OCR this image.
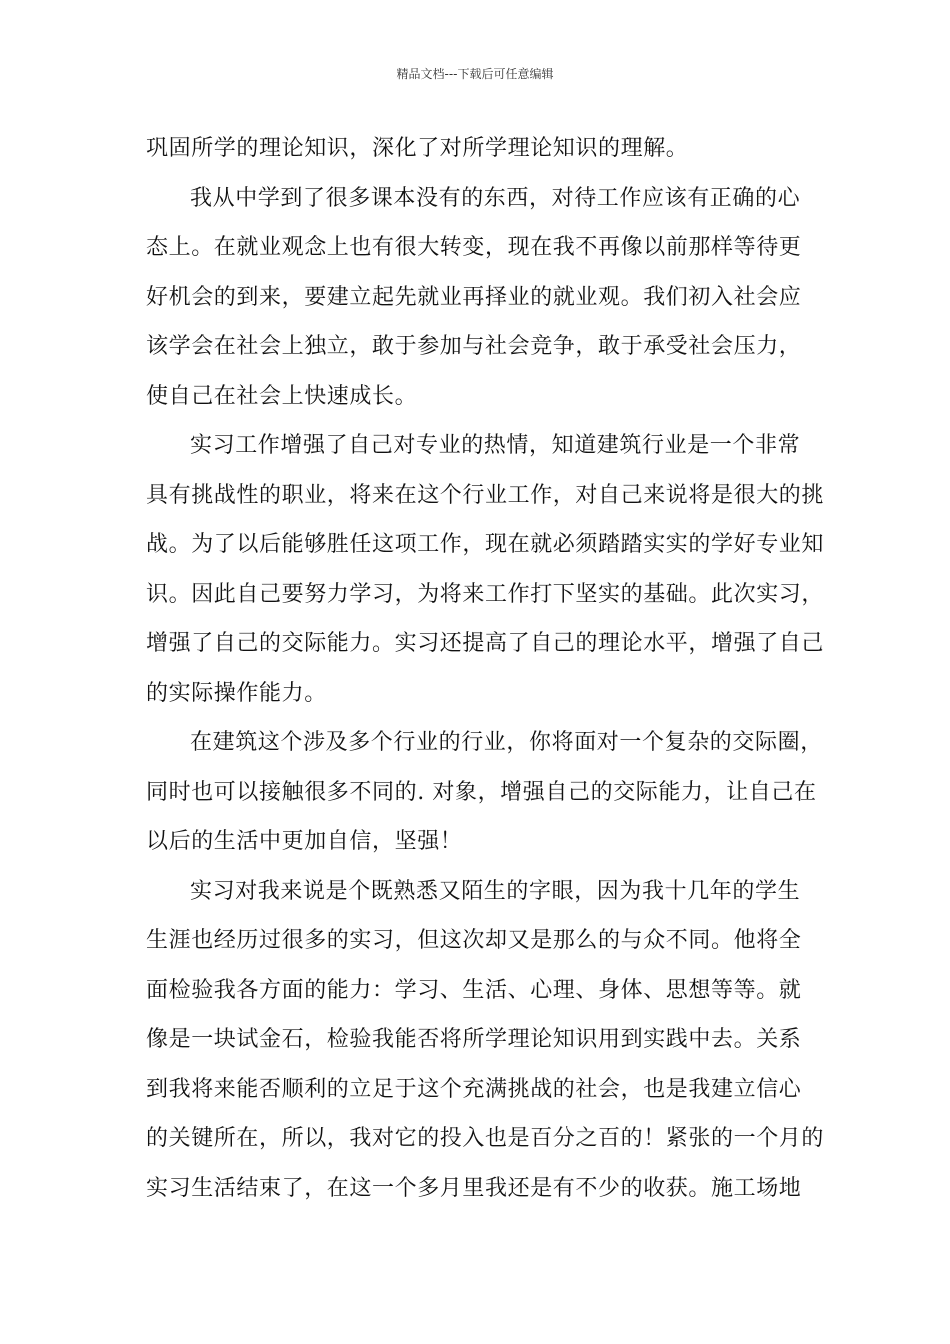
精品文档---下载后可任意编辑
巩固所学的理论知识，深化了对所学理论知识的理解。
我从中学到了很多课本没有的东西，对待工作应该有正确的心
态上。在就业观念上也有很大转变，现在我不再像以前那样等待更
好机会的到来，要建立起先就业再择业的就业观。我们初入社会应
该学会在社会上独立，敢于参加与社会竞争，敢于承受社会压力，
使自己在社会上快速成长。
实习工作增强了自己对专业的热情，知道建筑行业是一个非常
具有挑战性的职业，将来在这个行业工作，对自己来说将是很大的挑
战。为了以后能够胜任这项工作，现在就必须踏踏实实的学好专业知
识。因此自己要努力学习，为将来工作打下坚实的基础。此次实习，
增强了自己的交际能力。实习还提高了自己的理论水平，增强了自己
的实际操作能力。
在建筑这个涉及多个行业的行业，你将面对一个复杂的交际圈，
同时也可以接触很多不同的. 对象，增强自己的交际能力，让自己在
以后的生活中更加自信，坚强！
实习对我来说是个既熟悉又陌生的字眼，因为我十几年的学生
生涯也经历过很多的实习，但这次却又是那么的与众不同。他将全
面检验我各方面的能力：学习、生活、心理、身体、思想等等。就
像是一块试金石，检验我能否将所学理论知识用到实践中去。关系
到我将来能否顺利的立足于这个充满挑战的社会，也是我建立信心
的关键所在，所以，我对它的投入也是百分之百的！紧张的一个月的
实习生活结束了，在这一个多月里我还是有不少的收获。施工场地
